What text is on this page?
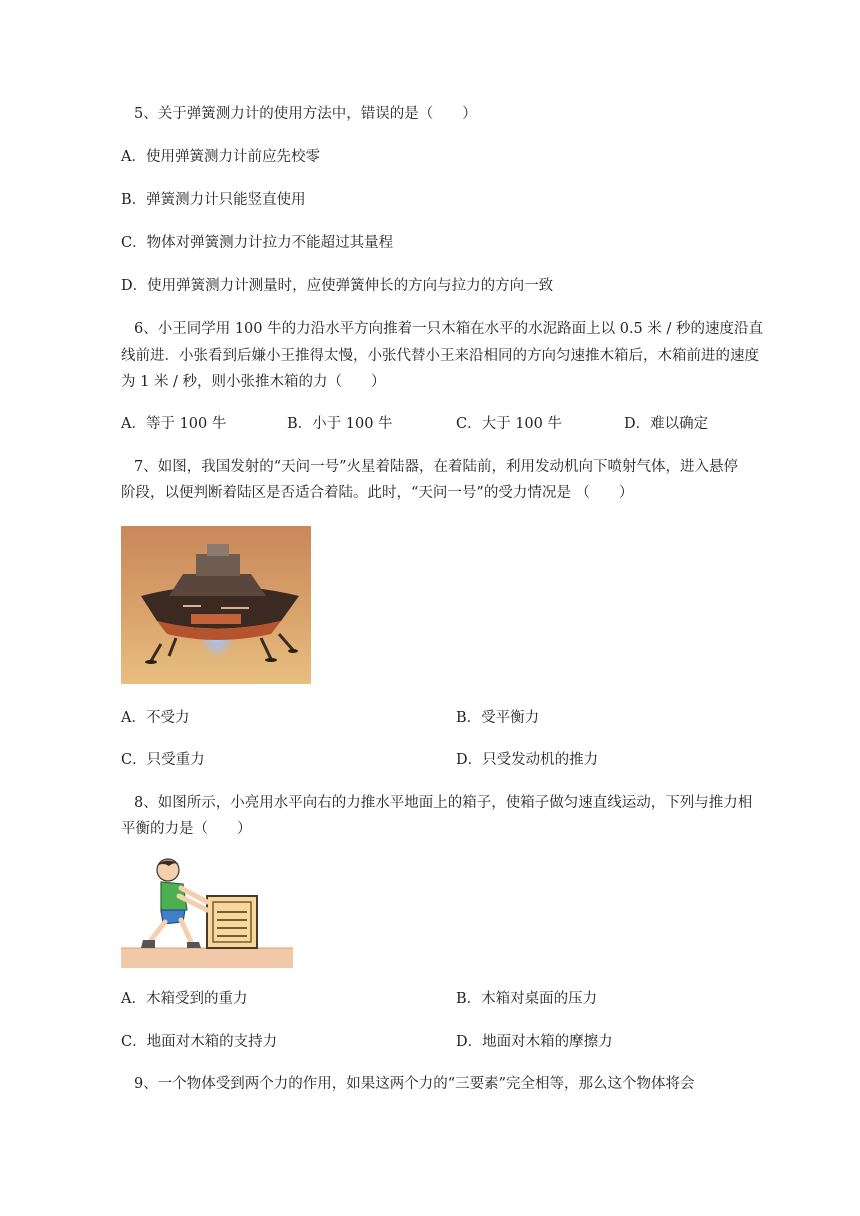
5、关于弹簧测力计的使用方法中，错误的是（　　）
A．使用弹簧测力计前应先校零
B．弹簧测力计只能竖直使用
C．物体对弹簧测力计拉力不能超过其量程
D．使用弹簧测力计测量时，应使弹簧伸长的方向与拉力的方向一致
6、小王同学用 100 牛的力沿水平方向推着一只木箱在水平的水泥路面上以 0.5 米 / 秒的速度沿直
线前进．小张看到后嫌小王推得太慢，小张代替小王来沿相同的方向匀速推木箱后，木箱前进的速度
为 1 米 / 秒，则小张推木箱的力（　　）
A．等于 100 牛	B．小于 100 牛	C．大于 100 牛	D．难以确定
7、如图，我国发射的“天问一号”火星着陆器，在着陆前，利用发动机向下喷射气体，进入悬停
阶段，以便判断着陆区是否适合着陆。此时，“天问一号”的受力情况是 （　　）
A．不受力	B．受平衡力
C．只受重力	D．只受发动机的推力
8、如图所示，小亮用水平向右的力推水平地面上的箱子，使箱子做匀速直线运动，下列与推力相
平衡的力是（　　）
A．木箱受到的重力	B．木箱对桌面的压力
C．地面对木箱的支持力	D．地面对木箱的摩擦力
9、一个物体受到两个力的作用，如果这两个力的“三要素”完全相等，那么这个物体将会
